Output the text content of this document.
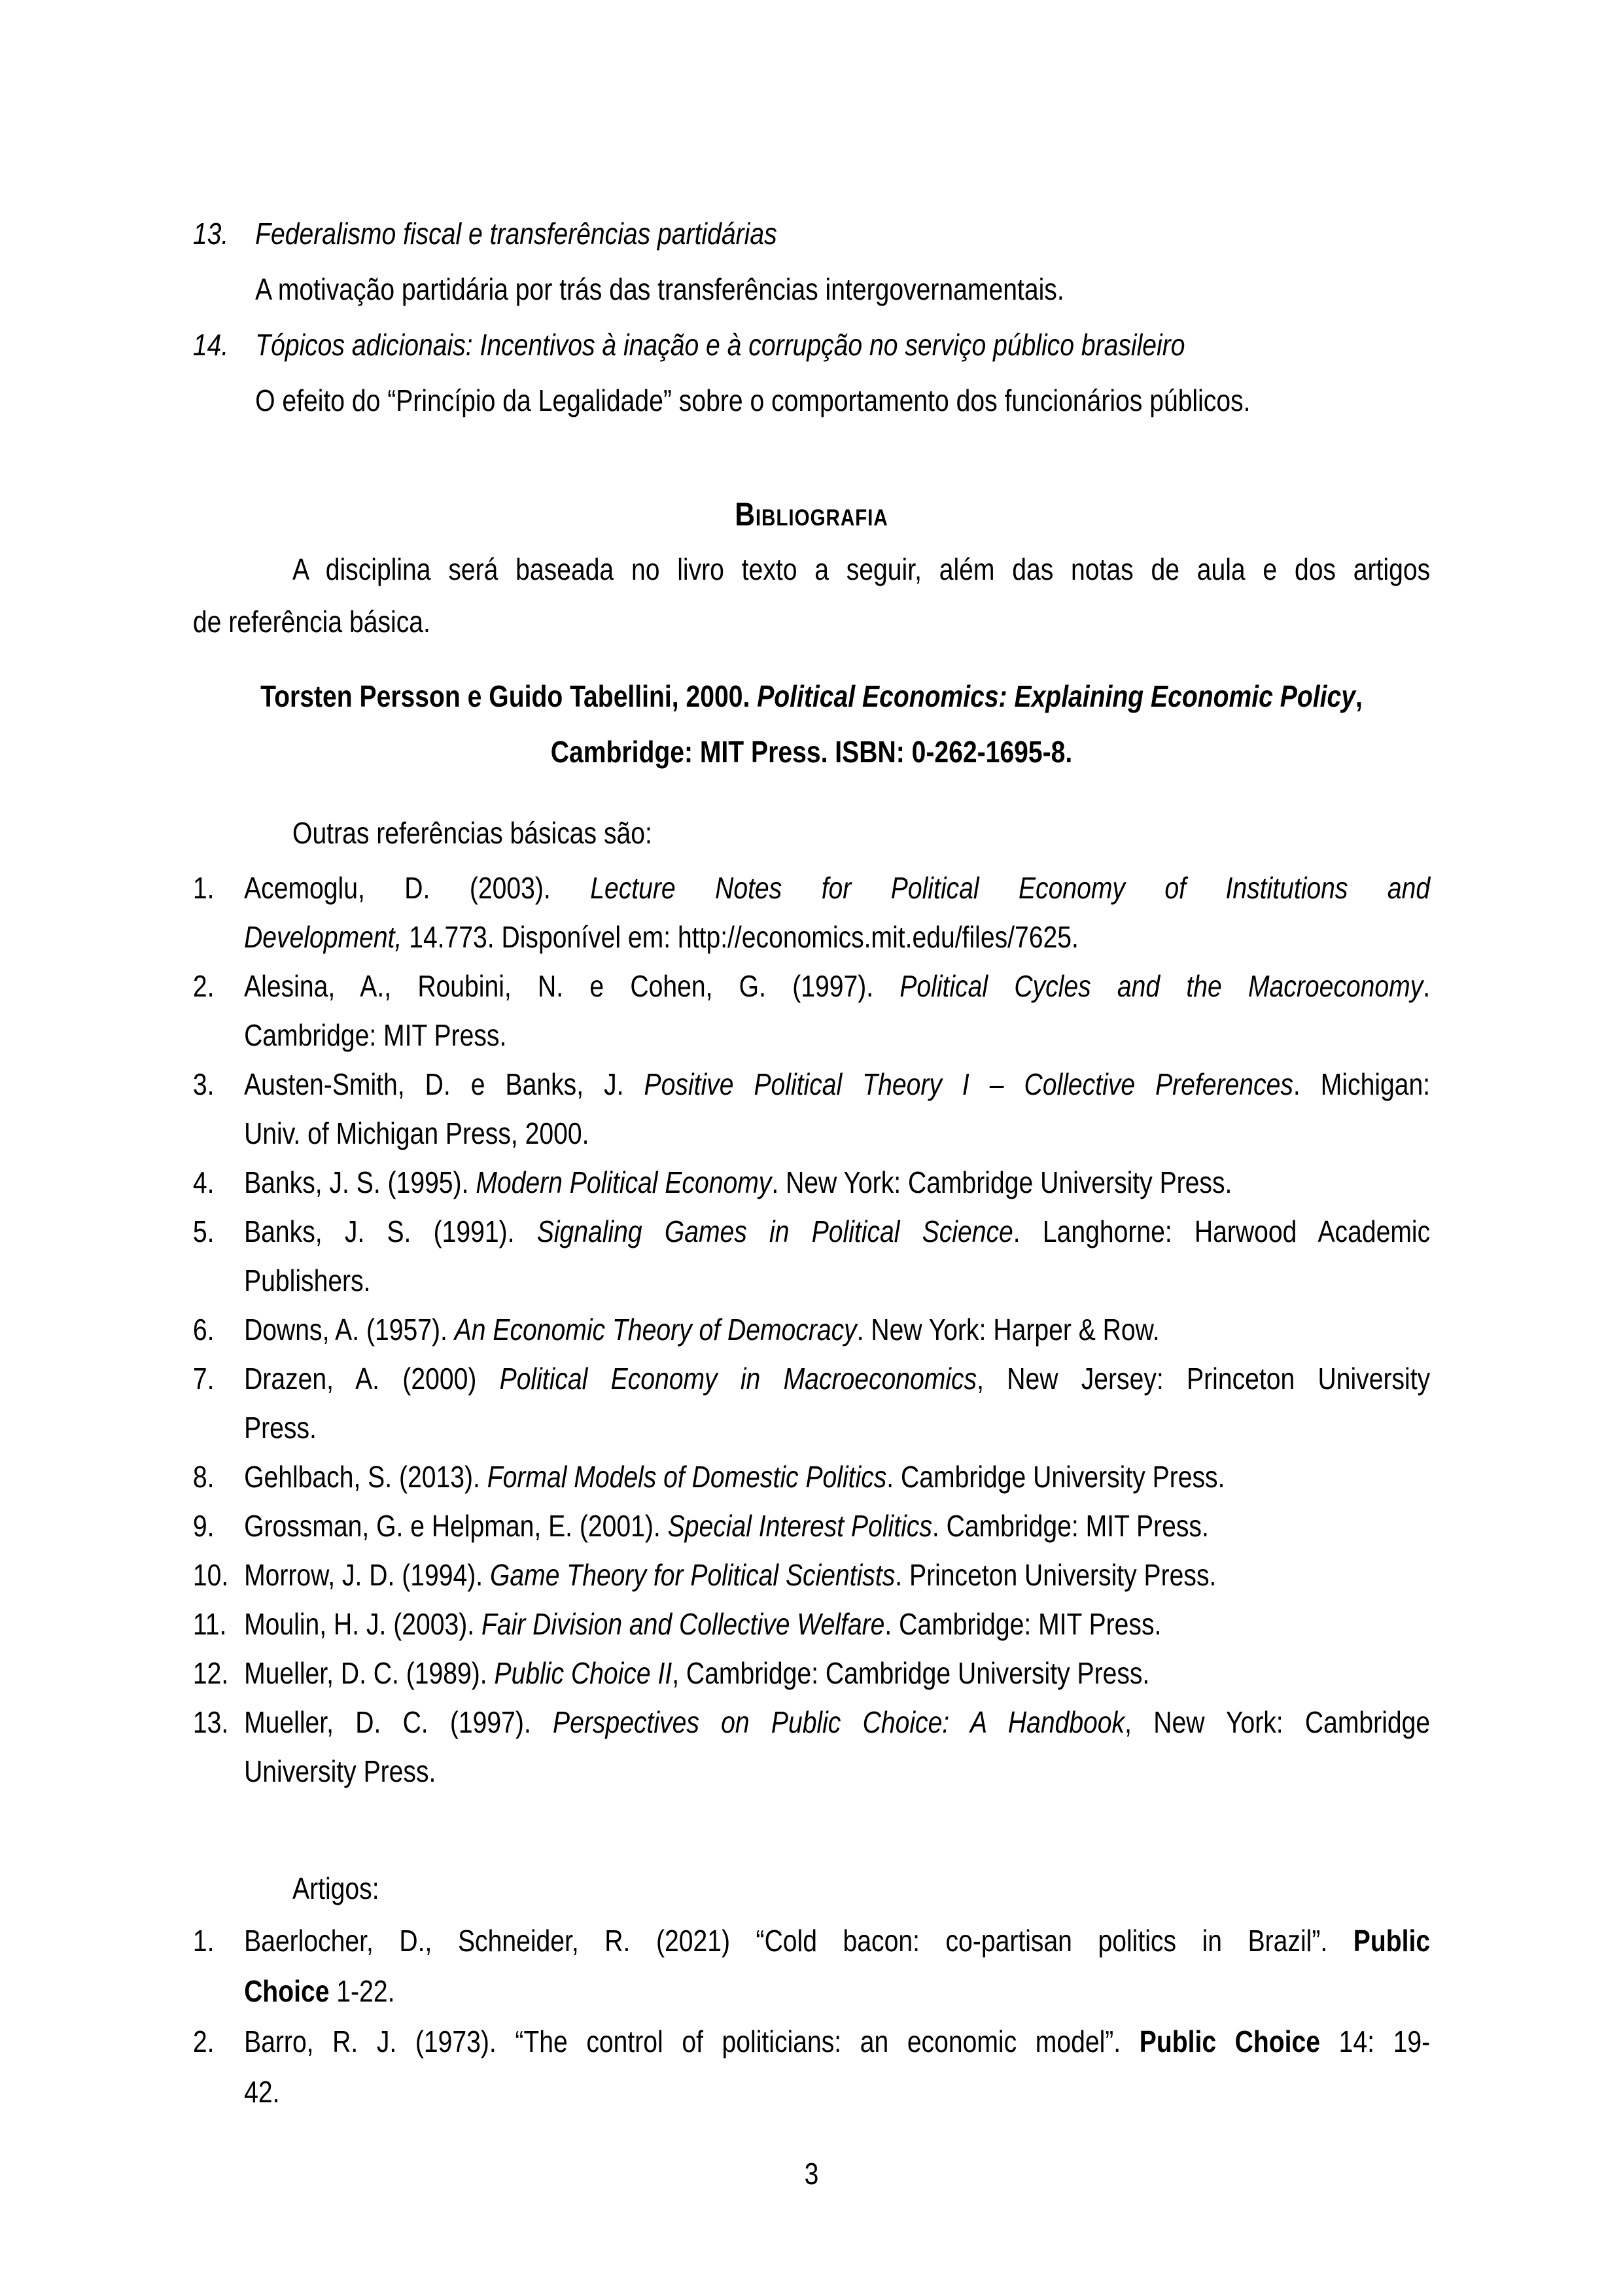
13. Federalismo fiscal e transferências partidárias
A motivação partidária por trás das transferências intergovernamentais.
14. Tópicos adicionais: Incentivos à inação e à corrupção no serviço público brasileiro
O efeito do “Princípio da Legalidade” sobre o comportamento dos funcionários públicos.
Bibliografia
A disciplina será baseada no livro texto a seguir, além das notas de aula e dos artigos
de referência básica.
Torsten Persson e Guido Tabellini, 2000. Political Economics: Explaining Economic Policy,
Cambridge: MIT Press. ISBN: 0-262-1695-8.
Outras referências básicas são:
1. Acemoglu, D. (2003). Lecture Notes for Political Economy of Institutions and
Development, 14.773. Disponível em: http://economics.mit.edu/files/7625.
2. Alesina, A., Roubini, N. e Cohen, G. (1997). Political Cycles and the Macroeconomy.
Cambridge: MIT Press.
3. Austen-Smith, D. e Banks, J. Positive Political Theory I – Collective Preferences. Michigan:
Univ. of Michigan Press, 2000.
4. Banks, J. S. (1995). Modern Political Economy. New York: Cambridge University Press.
5. Banks, J. S. (1991). Signaling Games in Political Science. Langhorne: Harwood Academic
Publishers.
6. Downs, A. (1957). An Economic Theory of Democracy. New York: Harper & Row.
7. Drazen, A. (2000) Political Economy in Macroeconomics, New Jersey: Princeton University
Press.
8. Gehlbach, S. (2013). Formal Models of Domestic Politics. Cambridge University Press.
9. Grossman, G. e Helpman, E. (2001). Special Interest Politics. Cambridge: MIT Press.
10. Morrow, J. D. (1994). Game Theory for Political Scientists. Princeton University Press.
11. Moulin, H. J. (2003). Fair Division and Collective Welfare. Cambridge: MIT Press.
12. Mueller, D. C. (1989). Public Choice II, Cambridge: Cambridge University Press.
13. Mueller, D. C. (1997). Perspectives on Public Choice: A Handbook, New York: Cambridge
University Press.
Artigos:
1. Baerlocher, D., Schneider, R. (2021) “Cold bacon: co-partisan politics in Brazil”. Public
Choice 1-22.
2. Barro, R. J. (1973). “The control of politicians: an economic model”. Public Choice 14: 19-
42.
3
